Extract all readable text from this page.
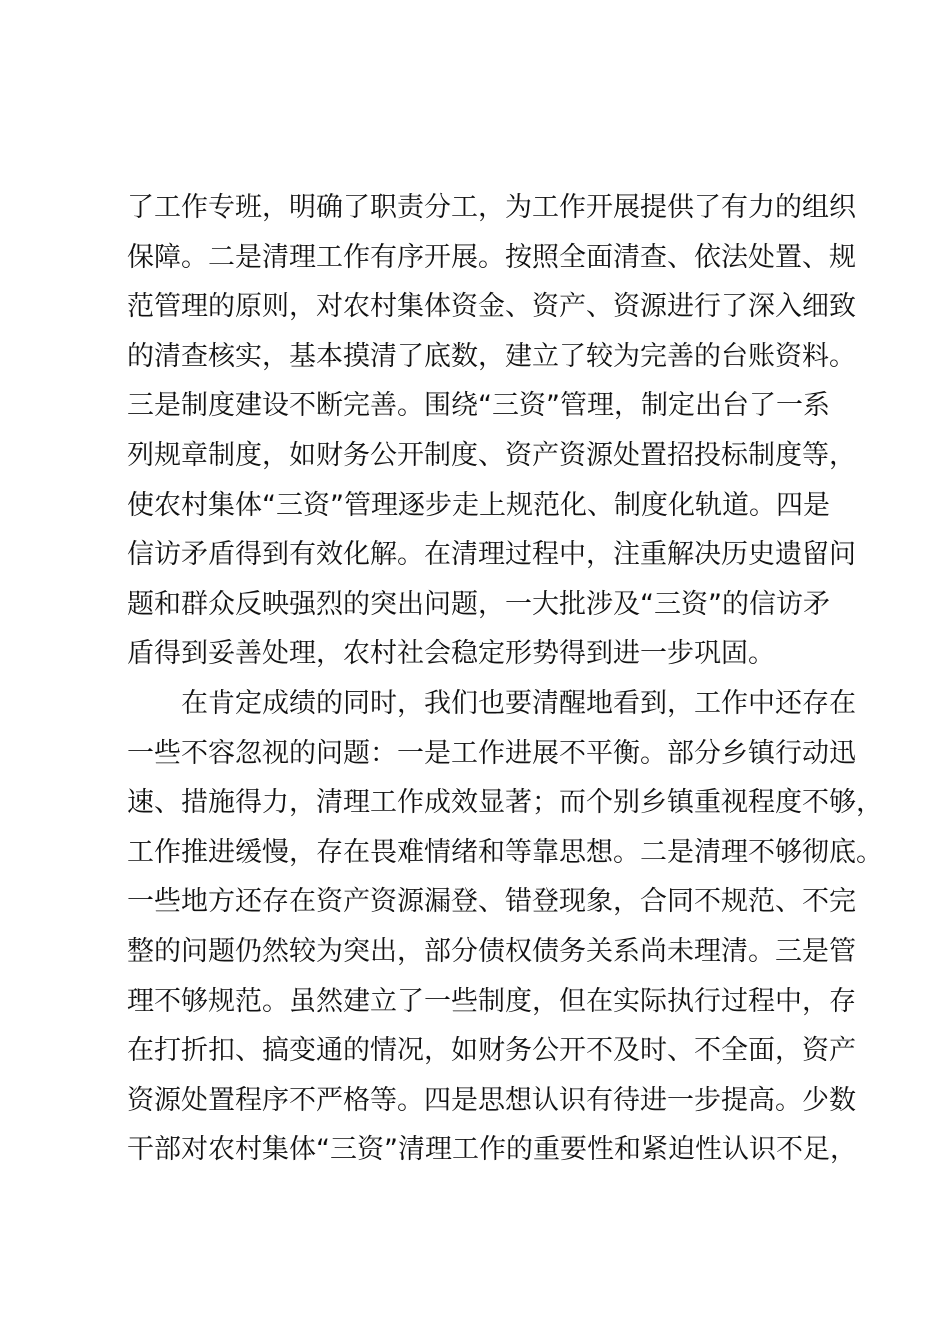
了工作专班，明确了职责分工，为工作开展提供了有力的组织
保障。二是清理工作有序开展。按照全面清查、依法处置、规
范管理的原则，对农村集体资金、资产、资源进行了深入细致
的清查核实，基本摸清了底数，建立了较为完善的台账资料。
三是制度建设不断完善。围绕“三资”管理，制定出台了一系
列规章制度，如财务公开制度、资产资源处置招投标制度等，
使农村集体“三资”管理逐步走上规范化、制度化轨道。四是
信访矛盾得到有效化解。在清理过程中，注重解决历史遗留问
题和群众反映强烈的突出问题，一大批涉及“三资”的信访矛
盾得到妥善处理，农村社会稳定形势得到进一步巩固。
在肯定成绩的同时，我们也要清醒地看到，工作中还存在
一些不容忽视的问题：一是工作进展不平衡。部分乡镇行动迅
速、措施得力，清理工作成效显著；而个别乡镇重视程度不够，
工作推进缓慢，存在畏难情绪和等靠思想。二是清理不够彻底。
一些地方还存在资产资源漏登、错登现象，合同不规范、不完
整的问题仍然较为突出，部分债权债务关系尚未理清。三是管
理不够规范。虽然建立了一些制度，但在实际执行过程中，存
在打折扣、搞变通的情况，如财务公开不及时、不全面，资产
资源处置程序不严格等。四是思想认识有待进一步提高。少数
干部对农村集体“三资”清理工作的重要性和紧迫性认识不足，
